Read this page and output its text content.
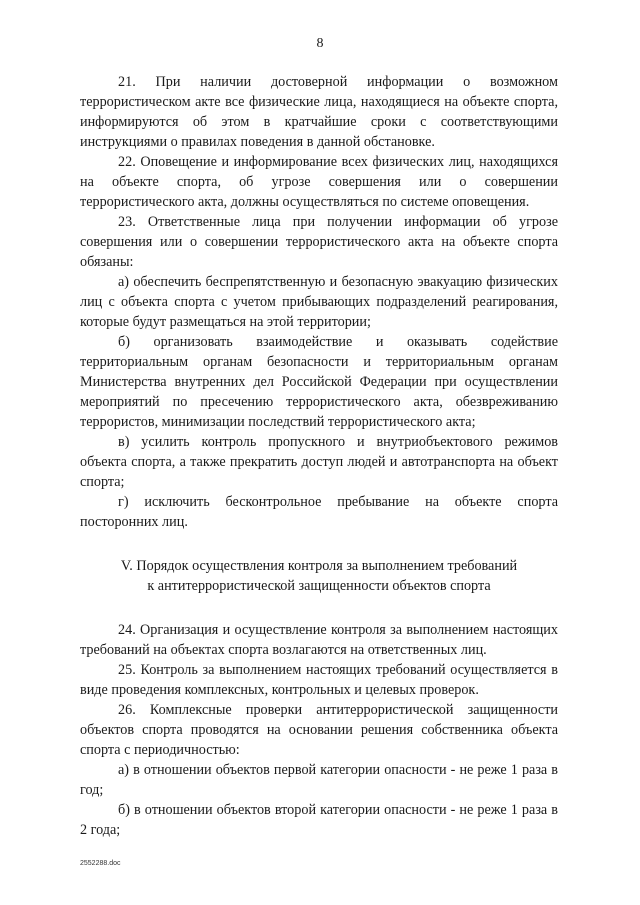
8

21. При наличии достоверной информации о возможном террористическом акте все физические лица, находящиеся на объекте спорта, информируются об этом в кратчайшие сроки с соответствующими инструкциями о правилах поведения в данной обстановке.

22. Оповещение и информирование всех физических лиц, находящихся на объекте спорта, об угрозе совершения или о совершении террористического акта, должны осуществляться по системе оповещения.

23. Ответственные лица при получении информации об угрозе совершения или о совершении террористического акта на объекте спорта обязаны:

а) обеспечить беспрепятственную и безопасную эвакуацию физических лиц с объекта спорта с учетом прибывающих подразделений реагирования, которые будут размещаться на этой территории;

б) организовать взаимодействие и оказывать содействие территориальным органам безопасности и территориальным органам Министерства внутренних дел Российской Федерации при осуществлении мероприятий по пресечению террористического акта, обезвреживанию террористов, минимизации последствий террористического акта;

в) усилить контроль пропускного и внутриобъектового режимов объекта спорта, а также прекратить доступ людей и автотранспорта на объект спорта;

г) исключить бесконтрольное пребывание на объекте спорта посторонних лиц.

V. Порядок осуществления контроля за выполнением требований

к антитеррористической защищенности объектов спорта

24. Организация и осуществление контроля за выполнением настоящих требований на объектах спорта возлагаются на ответственных лиц.

25. Контроль за выполнением настоящих требований осуществляется в виде проведения комплексных, контрольных и целевых проверок.

26. Комплексные проверки антитеррористической защищенности объектов спорта проводятся на основании решения собственника объекта спорта с периодичностью:

а) в отношении объектов первой категории опасности - не реже 1 раза в год;

б) в отношении объектов второй категории опасности - не реже 1 раза в 2 года;

2552288.doc
